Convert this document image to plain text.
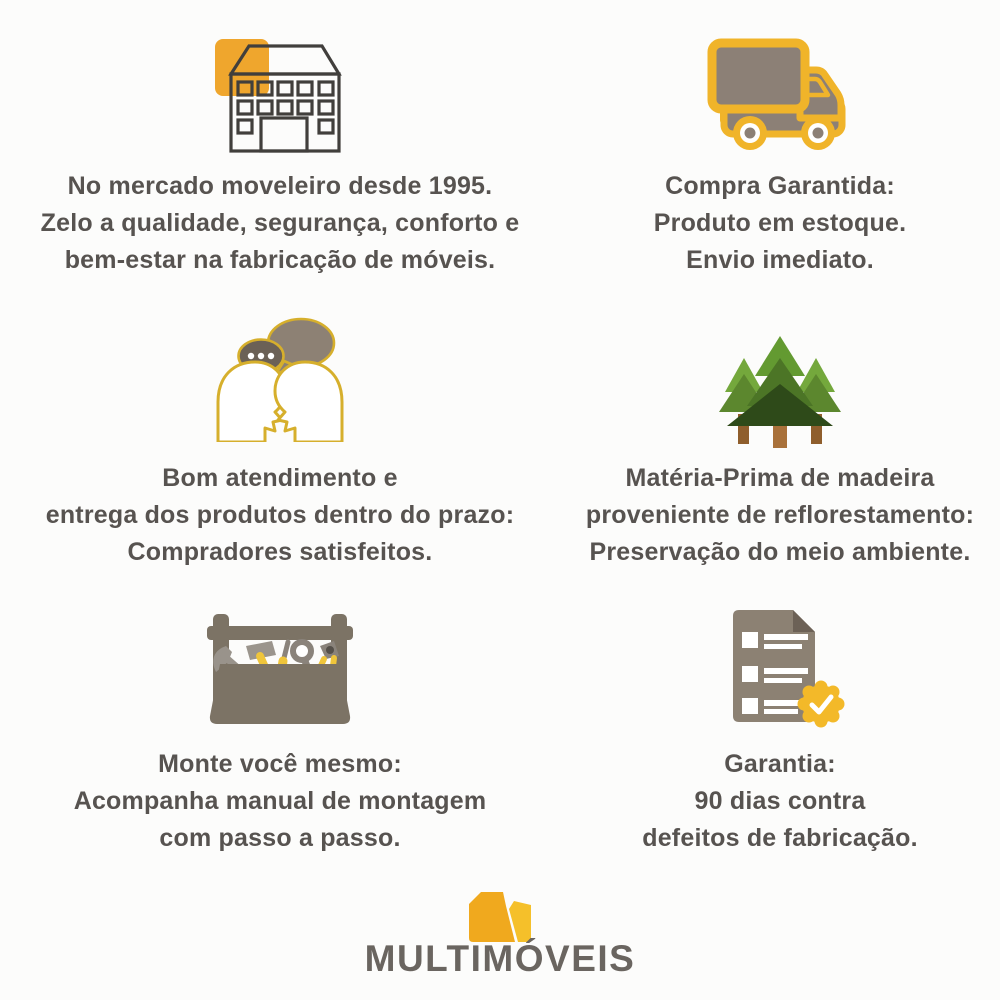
No mercado moveleiro desde 1995.

Zelo a qualidade, segurança, conforto e

bem-estar na fabricação de móveis.

Compra Garantida:

Produto em estoque.

Envio imediato.

Bom atendimento e

entrega dos produtos dentro do prazo:

Compradores satisfeitos.

Matéria-Prima de madeira

proveniente de reflorestamento:

Preservação do meio ambiente.

Monte você mesmo:

Acompanha manual de montagem

com passo a passo.

Garantia:

90 dias contra

defeitos de fabricação.

MULTIMÓVEIS
